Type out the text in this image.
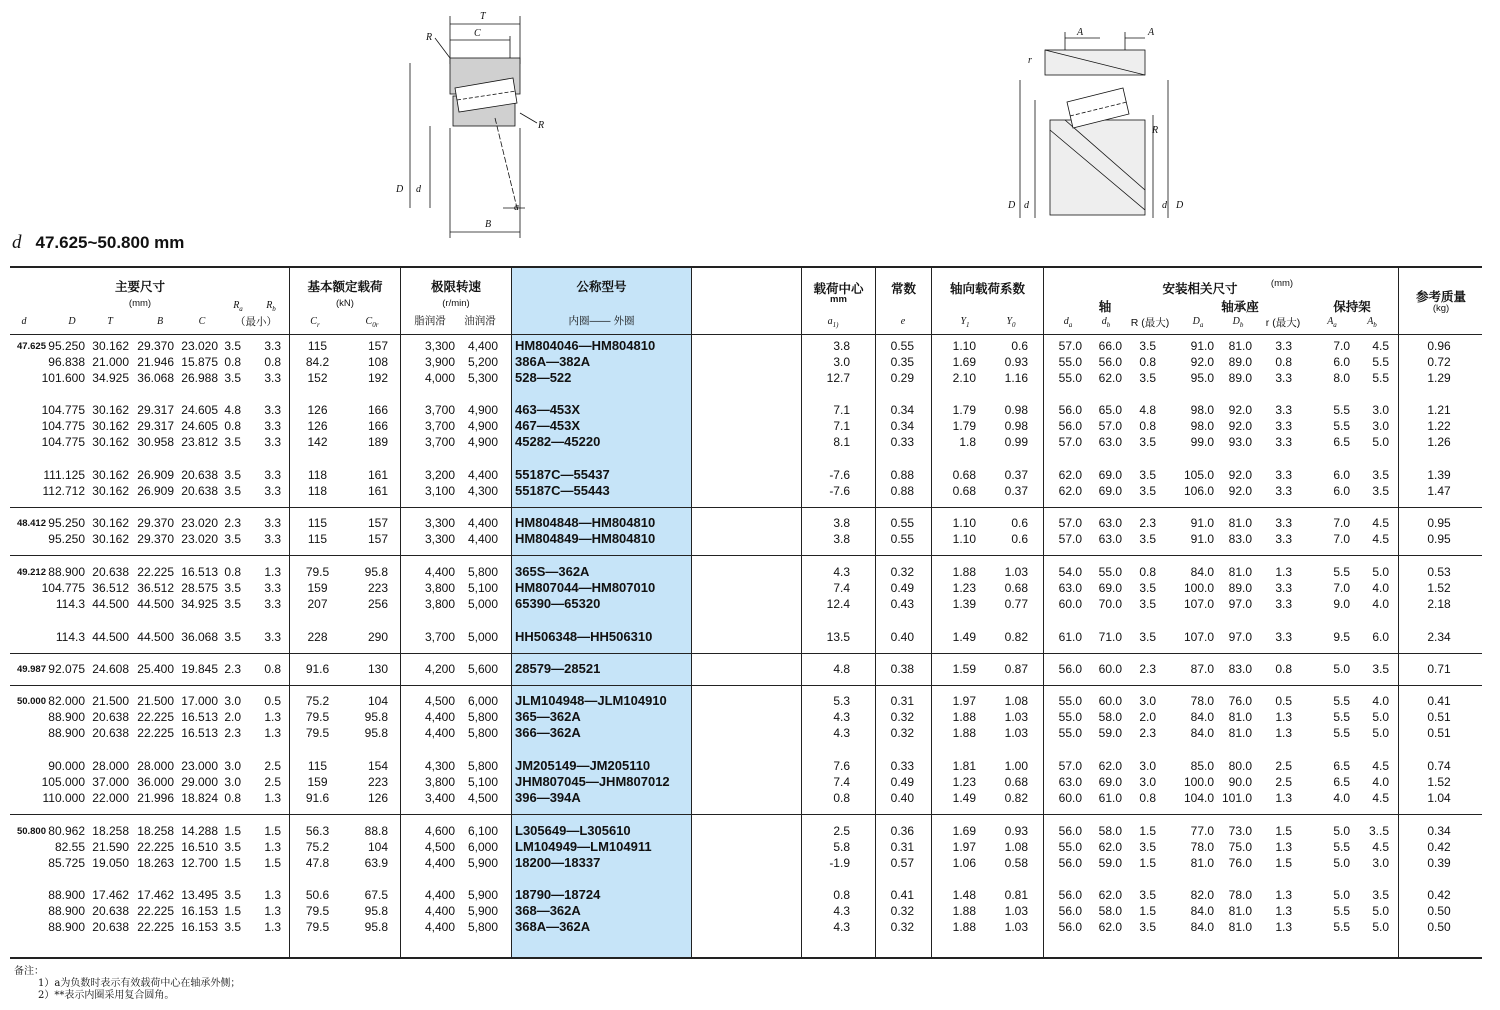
T
C
R
R
D d
a
B
A	A
r
R
D d	d D
d 47.625~50.800 mm
主要尺寸
(mm)
d	D	T	B	C
$R_a$	$R_b$
（最小）
基本额定载荷
(kN)
$C_r$	$C_{0r}$
极限转速
(r/min)
脂润滑	油润滑
公称型号
内圈—— 外圈
载荷中心
mm
$a_{1)}$
常数
e
轴向载荷系数
$Y_1$	$Y_0$
安装相关尺寸	(mm)
轴	轴承座	保持架
$d_a$	$d_b$	R (最大)	$D_a$	$D_b$	r (最大)	$A_a$	$A_b$
参考质量
(kg)
47.625 95.250 30.162 29.370 23.020 3.5	3.3	115	157	3,300	4,400 HM804046—HM804810	3.8	0.55	1.10	0.6	57.0	66.0	3.5	91.0	81.0	3.3	7.0	4.5	0.96
96.838 21.000 21.946 15.875 0.8	0.8	84.2	108	3,900	5,200 386A—382A	3.0	0.35	1.69	0.93	55.0	56.0	0.8	92.0	89.0	0.8	6.0	5.5	0.72
101.600 34.925 36.068 26.988 3.5	3.3	152	192	4,000	5,300 528—522	12.7	0.29	2.10	1.16	55.0	62.0	3.5	95.0	89.0	3.3	8.0	5.5	1.29
104.775 30.162 29.317 24.605 4.8	3.3	126	166	3,700	4,900 463—453X	7.1	0.34	1.79	0.98	56.0	65.0	4.8	98.0	92.0	3.3	5.5	3.0	1.21
104.775 30.162 29.317 24.605 0.8	3.3	126	166	3,700	4,900 467—453X	7.1	0.34	1.79	0.98	56.0	57.0	0.8	98.0	92.0	3.3	5.5	3.0	1.22
104.775 30.162 30.958 23.812 3.5	3.3	142	189	3,700	4,900 45282—45220	8.1	0.33	1.8	0.99	57.0	63.0	3.5	99.0	93.0	3.3	6.5	5.0	1.26
111.125 30.162 26.909 20.638 3.5	3.3	118	161	3,200	4,400 55187C—55437	-7.6	0.88	0.68	0.37	62.0	69.0	3.5	105.0	92.0	3.3	6.0	3.5	1.39
112.712 30.162 26.909 20.638 3.5	3.3	118	161	3,100	4,300 55187C—55443	-7.6	0.88	0.68	0.37	62.0	69.0	3.5	106.0	92.0	3.3	6.0	3.5	1.47
48.412 95.250 30.162 29.370 23.020 2.3	3.3	115	157	3,300	4,400 HM804848—HM804810	3.8	0.55	1.10	0.6	57.0	63.0	2.3	91.0	81.0	3.3	7.0	4.5	0.95
95.250 30.162 29.370 23.020 3.5	3.3	115	157	3,300	4,400 HM804849—HM804810	3.8	0.55	1.10	0.6	57.0	63.0	3.5	91.0	83.0	3.3	7.0	4.5	0.95
49.212 88.900 20.638 22.225 16.513 0.8	1.3	79.5	95.8	4,400	5,800 365S—362A	4.3	0.32	1.88	1.03	54.0	55.0	0.8	84.0	81.0	1.3	5.5	5.0	0.53
104.775 36.512 36.512 28.575 3.5	3.3	159	223	3,800	5,100 HM807044—HM807010	7.4	0.49	1.23	0.68	63.0	69.0	3.5	100.0	89.0	3.3	7.0	4.0	1.52
114.3 44.500 44.500 34.925 3.5	3.3	207	256	3,800	5,000 65390—65320	12.4	0.43	1.39	0.77	60.0	70.0	3.5	107.0	97.0	3.3	9.0	4.0	2.18
114.3 44.500 44.500 36.068 3.5	3.3	228	290	3,700	5,000 HH506348—HH506310	13.5	0.40	1.49	0.82	61.0	71.0	3.5	107.0	97.0	3.3	9.5	6.0	2.34
49.987 92.075 24.608 25.400 19.845 2.3	0.8	91.6	130	4,200	5,600 28579—28521	4.8	0.38	1.59	0.87	56.0	60.0	2.3	87.0	83.0	0.8	5.0	3.5	0.71
50.000 82.000 21.500 21.500 17.000 3.0	0.5	75.2	104	4,500	6,000 JLM104948—JLM104910	5.3	0.31	1.97	1.08	55.0	60.0	3.0	78.0	76.0	0.5	5.5	4.0	0.41
88.900 20.638 22.225 16.513 2.0	1.3	79.5	95.8	4,400	5,800 365—362A	4.3	0.32	1.88	1.03	55.0	58.0	2.0	84.0	81.0	1.3	5.5	5.0	0.51
88.900 20.638 22.225 16.513 2.3	1.3	79.5	95.8	4,400	5,800 366—362A	4.3	0.32	1.88	1.03	55.0	59.0	2.3	84.0	81.0	1.3	5.5	5.0	0.51
90.000 28.000 28.000 23.000 3.0	2.5	115	154	4,300	5,800 JM205149—JM205110	7.6	0.33	1.81	1.00	57.0	62.0	3.0	85.0	80.0	2.5	6.5	4.5	0.74
105.000 37.000 36.000 29.000 3.0	2.5	159	223	3,800	5,100 JHM807045—JHM807012	7.4	0.49	1.23	0.68	63.0	69.0	3.0	100.0	90.0	2.5	6.5	4.0	1.52
110.000 22.000 21.996 18.824 0.8	1.3	91.6	126	3,400	4,500 396—394A	0.8	0.40	1.49	0.82	60.0	61.0	0.8	104.0 101.0	1.3	4.0	4.5	1.04
50.800 80.962 18.258 18.258 14.288 1.5	1.5	56.3	88.8	4,600	6,100 L305649—L305610	2.5	0.36	1.69	0.93	56.0	58.0	1.5	77.0	73.0	1.5	5.0	3..5	0.34
82.55 21.590 22.225 16.510 3.5	1.3	75.2	104	4,500	6,000 LM104949—LM104911	5.8	0.31	1.97	1.08	55.0	62.0	3.5	78.0	75.0	1.3	5.5	4.5	0.42
85.725 19.050 18.263 12.700 1.5	1.5	47.8	63.9	4,400	5,900 18200—18337	-1.9	0.57	1.06	0.58	56.0	59.0	1.5	81.0	76.0	1.5	5.0	3.0	0.39
88.900 17.462 17.462 13.495 3.5	1.3	50.6	67.5	4,400	5,900 18790—18724	0.8	0.41	1.48	0.81	56.0	62.0	3.5	82.0	78.0	1.3	5.0	3.5	0.42
88.900 20.638 22.225 16.153 1.5	1.3	79.5	95.8	4,400	5,900 368—362A	4.3	0.32	1.88	1.03	56.0	58.0	1.5	84.0	81.0	1.3	5.5	5.0	0.50
88.900 20.638 22.225 16.153 3.5	1.3	79.5	95.8	4,400	5,800 368A—362A	4.3	0.32	1.88	1.03	56.0	62.0	3.5	84.0	81.0	1.3	5.5	5.0	0.50
备注：
1）a为负数时表示有效载荷中心在轴承外侧；
2）**表示内圈采用复合圆角。
